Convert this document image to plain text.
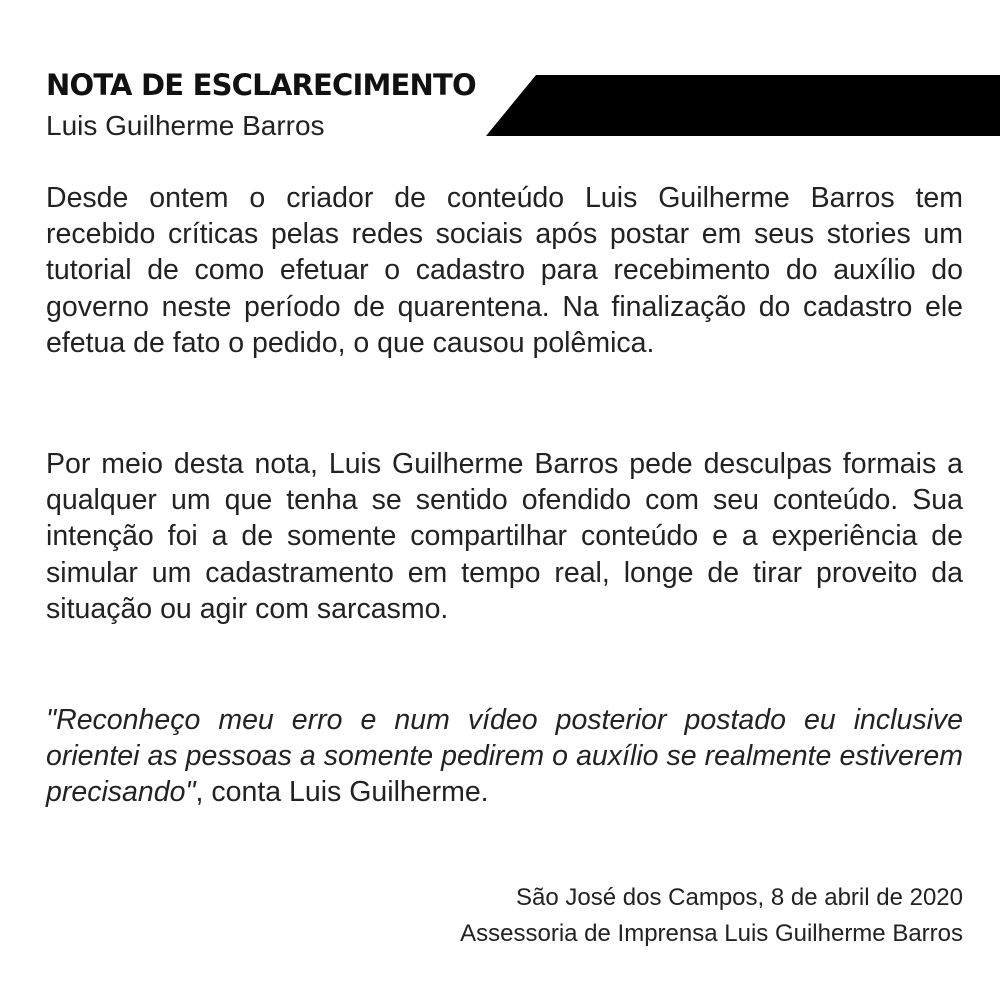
NOTA DE ESCLARECIMENTO

Luis Guilherme Barros

Desde ontem o criador de conteúdo Luis Guilherme Barros tem recebido críticas pelas redes sociais após postar em seus stories um tutorial de como efetuar o cadastro para recebimento do auxílio do governo neste período de quarentena. Na finalização do cadastro ele efetua de fato o pedido, o que causou polêmica.

Por meio desta nota, Luis Guilherme Barros pede desculpas formais a qualquer um que tenha se sentido ofendido com seu conteúdo. Sua intenção foi a de somente compartilhar conteúdo e a experiência de simular um cadastramento em tempo real, longe de tirar proveito da situação ou agir com sarcasmo.

"Reconheço meu erro e num vídeo posterior postado eu inclusive orientei as pessoas a somente pedirem o auxílio se realmente estiverem precisando", conta Luis Guilherme.

São José dos Campos, 8 de abril de 2020
Assessoria de Imprensa Luis Guilherme Barros
